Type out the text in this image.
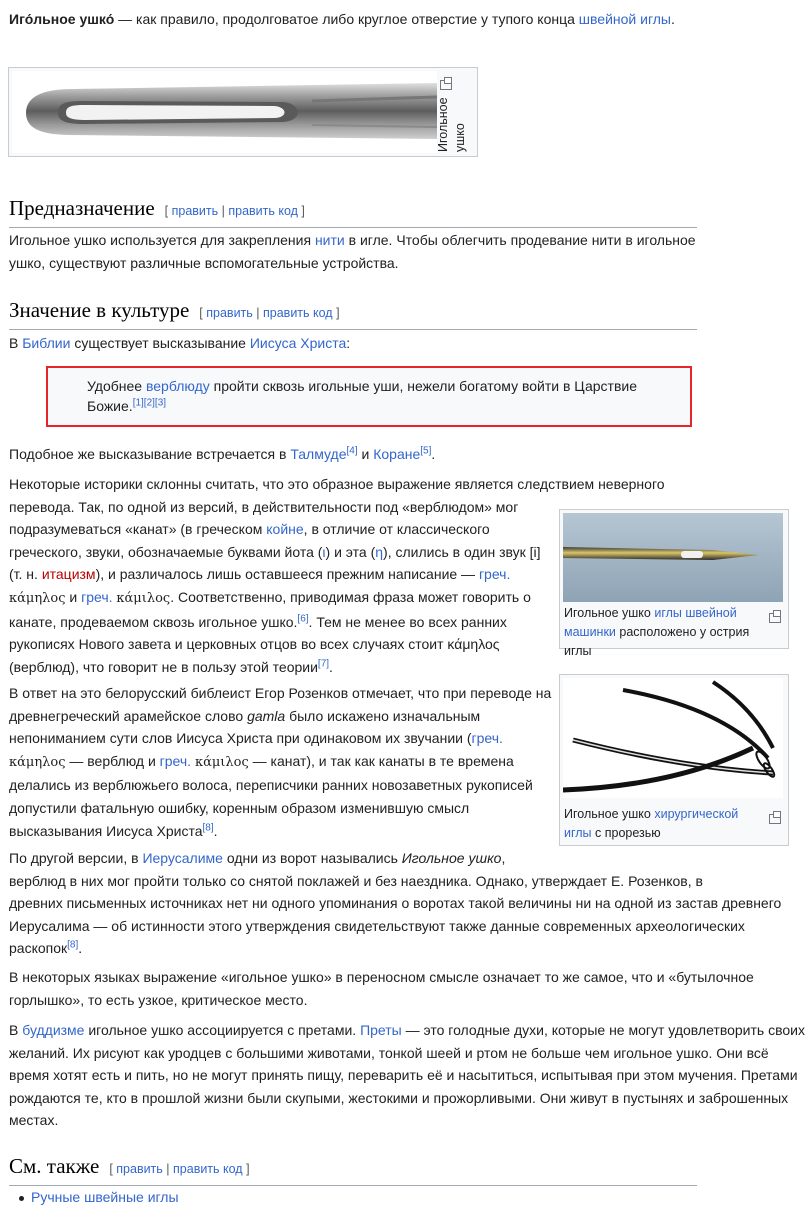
Иго́льное ушко́ — как правило, продолговатое либо круглое отверстие у тупого конца швейной иглы.

Игольное ушко
Предназначение [ править | править код ]

Игольное ушко используется для закрепления нити в игле. Чтобы облегчить продевание нити в игольное
ушко, существуют различные вспомогательные устройства.

Значение в культуре [ править | править код ]

В Библии существует высказывание Иисуса Христа:

Удобнее верблюду пройти сквозь игольные уши, нежели богатому войти в Царствие
Божие.[1][2][3]

Подобное же высказывание встречается в Талмуде[4] и Коране[5].

Некоторые историки склонны считать, что это образное выражение является следствием неверного
перевода. Так, по одной из версий, в действительности под «верблюдом» мог
подразумеваться «канат» (в греческом койне, в отличие от классического
греческого, звуки, обозначаемые буквами йота (ι) и эта (η), слились в один звук [i]
(т. н. итацизм), и различалось лишь оставшееся прежним написание — греч.
κάμηλος и греч. κάμιλος. Соответственно, приводимая фраза может говорить о
канате, продеваемом сквозь игольное ушко.[6]. Тем не менее во всех ранних
рукописях Нового завета и церковных отцов во всех случаях стоит κάμηλος
(верблюд), что говорит не в пользу этой теории[7].

Игольное ушко иглы швейной
машинки расположено у острия иглы

В ответ на это белорусский библеист Егор Розенков отмечает, что при переводе на
древнегреческий арамейское слово gamla было искажено изначальным
непониманием сути слов Иисуса Христа при одинаковом их звучании (греч.
κάμηλος — верблюд и греч. κάμιλος — канат), и так как канаты в те времена
делались из верблюжьего волоса, переписчики ранних новозаветных рукописей
допустили фатальную ошибку, коренным образом изменившую смысл
высказывания Иисуса Христа[8].

Игольное ушко хирургической
иглы с прорезью

По другой версии, в Иерусалиме одни из ворот назывались Игольное ушко,
верблюд в них мог пройти только со снятой поклажей и без наездника. Однако, утверждает Е. Розенков, в
древних письменных источниках нет ни одного упоминания о воротах такой величины ни на одной из застав древнего
Иерусалима — об истинности этого утверждения свидетельствуют также данные современных археологических
раскопок[8].

В некоторых языках выражение «игольное ушко» в переносном смысле означает то же самое, что и «бутылочное
горлышко», то есть узкое, критическое место.

В буддизме игольное ушко ассоциируется с претами. Преты — это голодные духи, которые не могут удовлетворить своих
желаний. Их рисуют как уродцев с большими животами, тонкой шеей и ртом не больше чем игольное ушко. Они всё
время хотят есть и пить, но не могут принять пищу, переварить её и насытиться, испытывая при этом мучения. Претами
рождаются те, кто в прошлой жизни были скупыми, жестокими и прожорливыми. Они живут в пустынях и заброшенных
местах.

См. также [ править | править код ]
Ручные швейные иглы
